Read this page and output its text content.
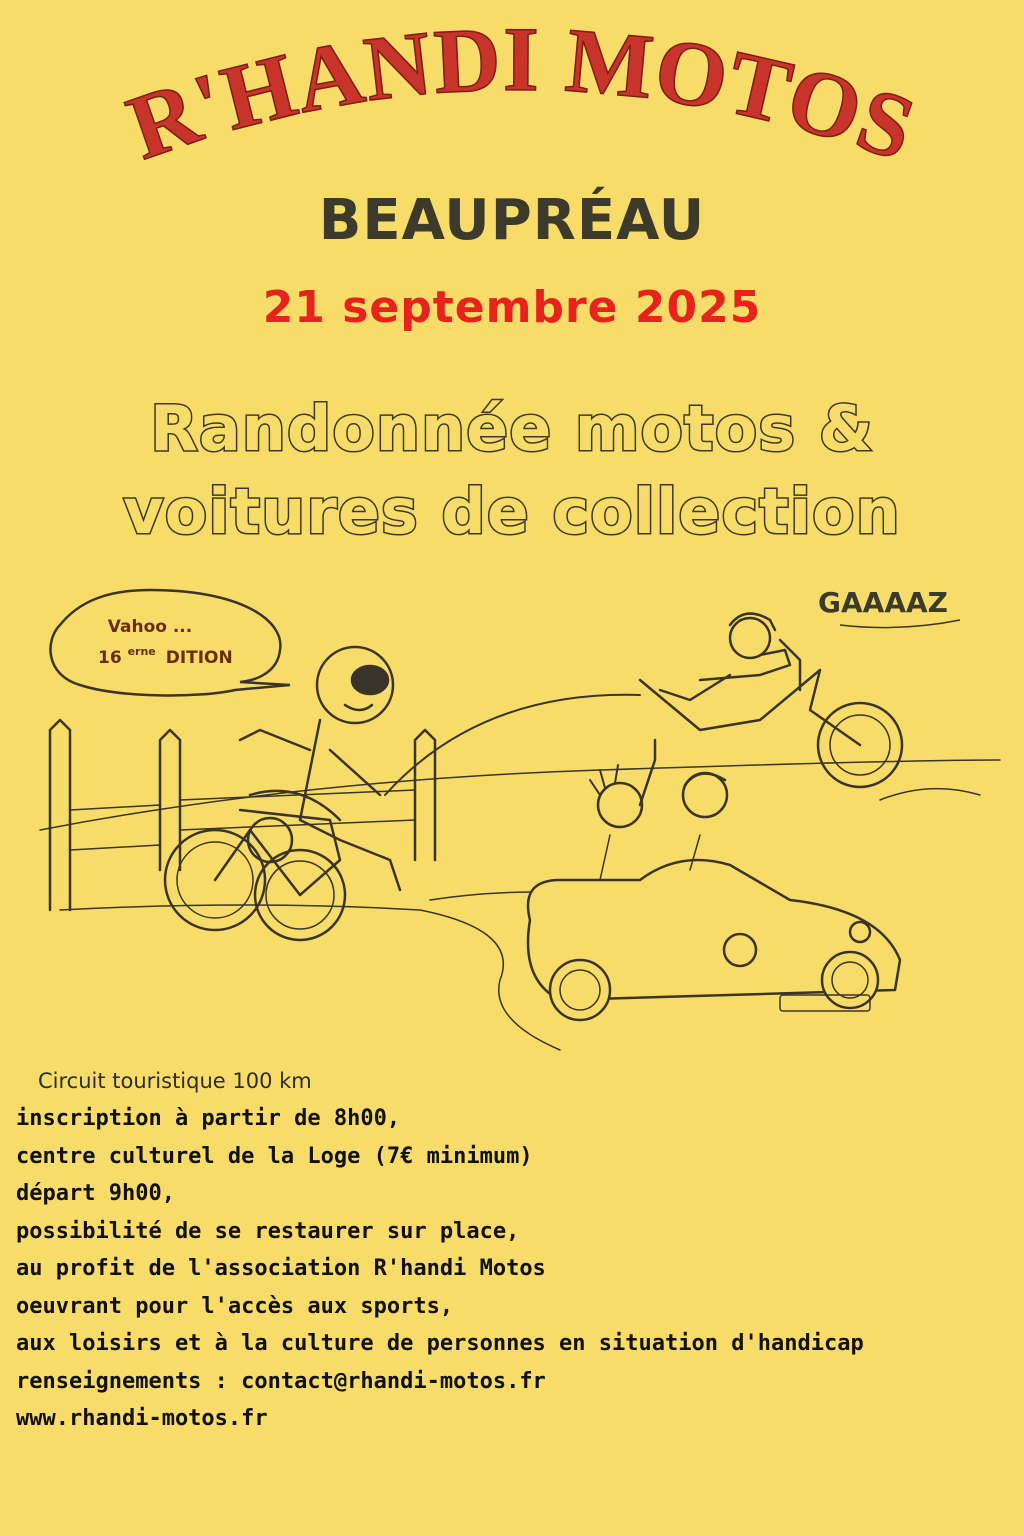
R'HANDI MOTOS
BEAUPRÉAU
21 septembre 2025
Randonnée motos &
voitures de collection
Vahoo ...
16 $^{erne}$ DITION
GAAAAZ
Circuit touristique 100 km
inscription à partir de 8h00,
centre culturel de la Loge (7€ minimum)
départ 9h00,
possibilité de se restaurer sur place,
au profit de l'association R'handi Motos
oeuvrant pour l'accès aux sports,
aux loisirs et à la culture de personnes en situation d'handicap
renseignements : contact@rhandi-motos.fr
www.rhandi-motos.fr
